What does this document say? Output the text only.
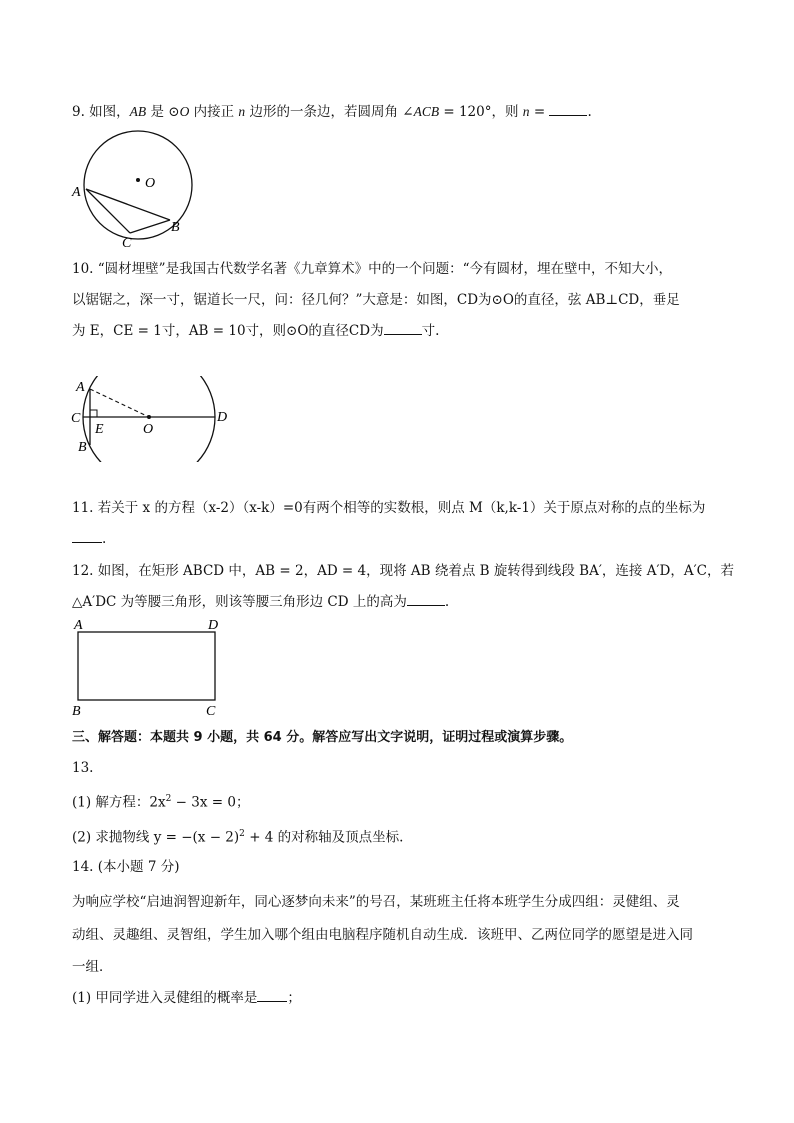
9. 如图，AB 是 ⊙O 内接正 n 边形的一条边，若圆周角 ∠ACB = 120°，则 n =	.
O
A
B
C
10. “圆材埋壁”是我国古代数学名著《九章算术》中的一个问题：“今有圆材，埋在壁中，不知大小，
以锯锯之，深一寸，锯道长一尺，问：径几何？”大意是：如图，CD为⊙O的直径，弦 AB⊥CD，垂足
为 E，CE = 1寸，AB = 10寸，则⊙O的直径CD为	寸.
A
C
E
B
O
D
11. 若关于 x 的方程（x-2）（x-k）=0有两个相等的实数根，则点 M（k,k-1）关于原点对称的点的坐标为
.
12. 如图，在矩形 ABCD 中，AB = 2，AD = 4，现将 AB 绕着点 B 旋转得到线段 BA′，连接 A′D，A′C，若
△A′DC 为等腰三角形，则该等腰三角形边 CD 上的高为	.
A	D
B	C
三、解答题：本题共 9 小题，共 64 分。解答应写出文字说明，证明过程或演算步骤。
13.
(1) 解方程：$2x^2 - 3x = 0$；
(2) 求抛物线 $y = -(x - 2)^2 + 4$ 的对称轴及顶点坐标.
14. (本小题 7 分)
为响应学校“启迪润智迎新年，同心逐梦向未来”的号召，某班班主任将本班学生分成四组：灵健组、灵
动组、灵趣组、灵智组，学生加入哪个组由电脑程序随机自动生成．该班甲、乙两位同学的愿望是进入同
一组．
(1) 甲同学进入灵健组的概率是 ；
